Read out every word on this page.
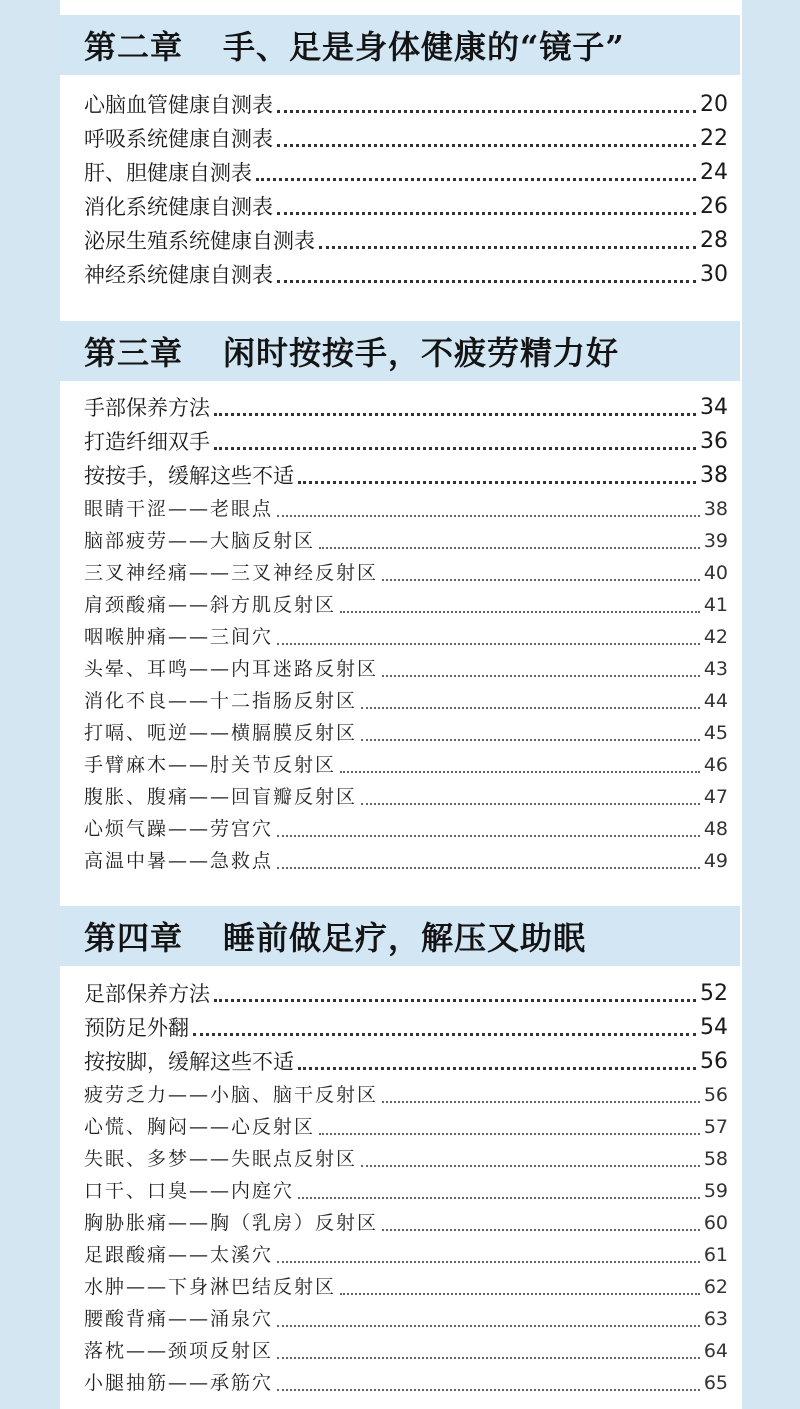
第二章 手、足是身体健康的“镜子”
心脑血管健康自测表	20
呼吸系统健康自测表	22
肝、胆健康自测表	24
消化系统健康自测表	26
泌尿生殖系统健康自测表	28
神经系统健康自测表	30
第三章 闲时按按手，不疲劳精力好
手部保养方法	34
打造纤细双手	36
按按手，缓解这些不适	38
眼睛干涩——老眼点	38
脑部疲劳——大脑反射区	39
三叉神经痛——三叉神经反射区	40
肩颈酸痛——斜方肌反射区	41
咽喉肿痛——三间穴	42
头晕、耳鸣——内耳迷路反射区	43
消化不良——十二指肠反射区	44
打嗝、呃逆——横膈膜反射区	45
手臂麻木——肘关节反射区	46
腹胀、腹痛——回盲瓣反射区	47
心烦气躁——劳宫穴	48
高温中暑——急救点	49
第四章 睡前做足疗，解压又助眠
足部保养方法	52
预防足外翻	54
按按脚，缓解这些不适	56
疲劳乏力——小脑、脑干反射区	56
心慌、胸闷——心反射区	57
失眠、多梦——失眠点反射区	58
口干、口臭——内庭穴	59
胸胁胀痛——胸（乳房）反射区	60
足跟酸痛——太溪穴	61
水肿——下身淋巴结反射区	62
腰酸背痛——涌泉穴	63
落枕——颈项反射区	64
小腿抽筋——承筋穴	65
